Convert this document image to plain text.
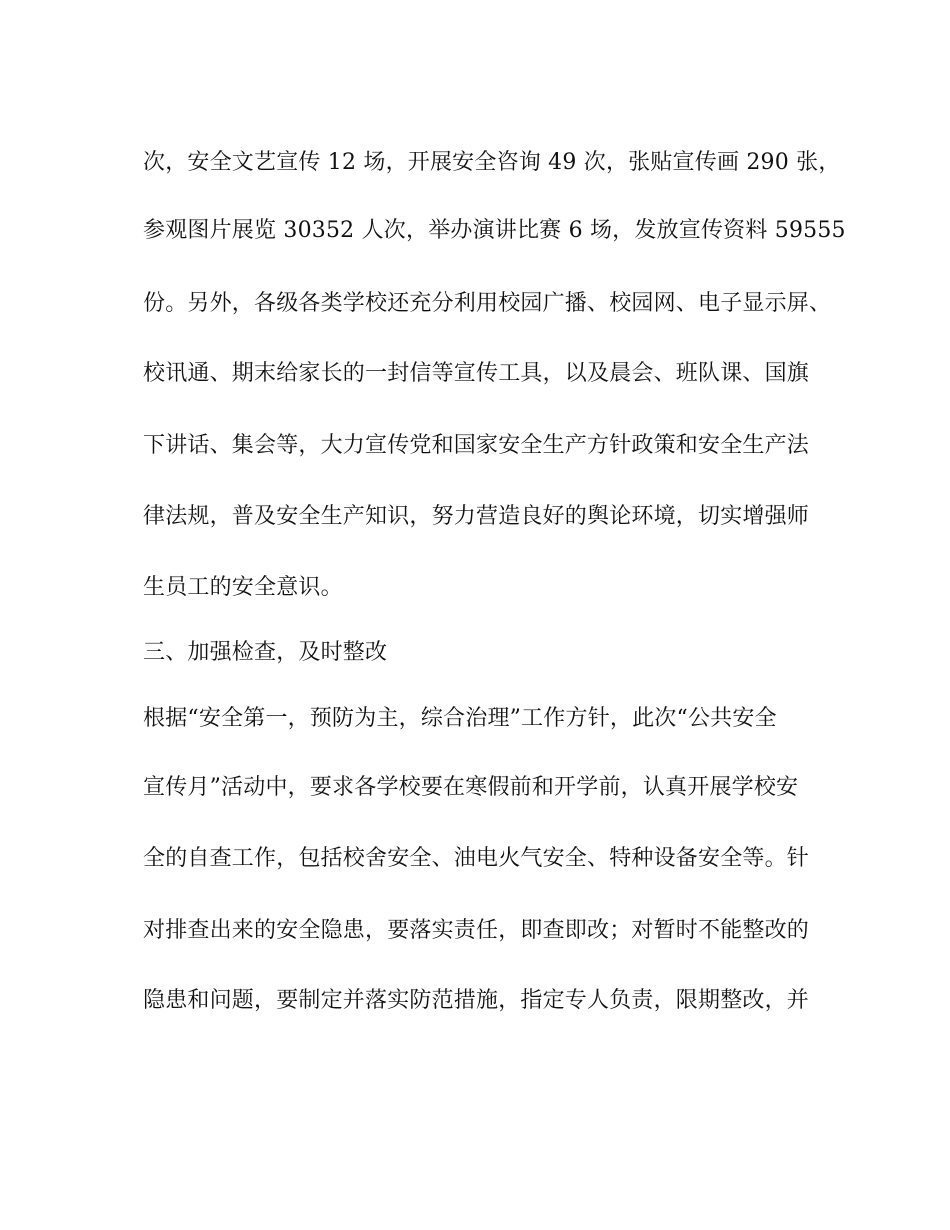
次，安全文艺宣传 12 场，开展安全咨询 49 次，张贴宣传画 290 张，
参观图片展览 30352 人次，举办演讲比赛 6 场，发放宣传资料 59555
份。另外，各级各类学校还充分利用校园广播、校园网、电子显示屏、
校讯通、期末给家长的一封信等宣传工具，以及晨会、班队课、国旗
下讲话、集会等，大力宣传党和国家安全生产方针政策和安全生产法
律法规，普及安全生产知识，努力营造良好的舆论环境，切实增强师
生员工的安全意识。
三、加强检查，及时整改
根据“安全第一，预防为主，综合治理”工作方针，此次“公共安全
宣传月”活动中，要求各学校要在寒假前和开学前，认真开展学校安
全的自查工作，包括校舍安全、油电火气安全、特种设备安全等。针
对排查出来的安全隐患，要落实责任，即查即改；对暂时不能整改的
隐患和问题，要制定并落实防范措施，指定专人负责，限期整改，并
